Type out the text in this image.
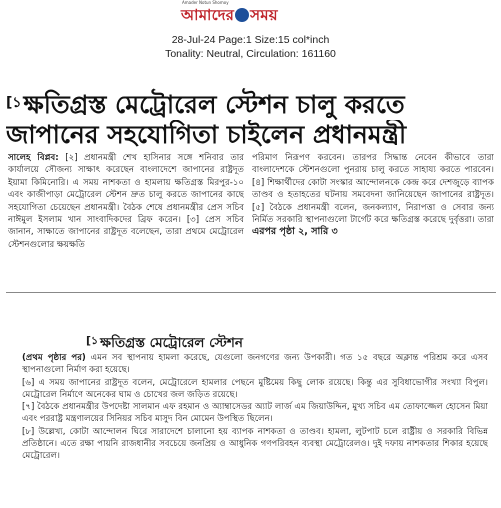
Amader Notun Shomoy
আমাদের সময়
28-Jul-24 Page:1 Size:15 col*inch
Tonality: Neutral, Circulation: 161160
$^{[১}$ক্ষতিগ্রস্ত মেট্রোরেল স্টেশন চালু করতে
জাপানের সহযোগিতা চাইলেন প্রধানমন্ত্রী

সালেহ বিপ্লব: [২] প্রধানমন্ত্রী শেখ হাসিনার সঙ্গে শনিবার তার কার্যালয়ে সৌজন্য সাক্ষাৎ করেছেন বাংলাদেশে জাপানের রাষ্ট্রদূত ইয়ামা কিমিনোরি। এ সময় নাশকতা ও হামলায় ক্ষতিগ্রস্ত মিরপুর-১০ এবং কাজীপাড়া মেট্রোরেল স্টেশন দ্রুত চালু করতে জাপানের কাছে সহযোগিতা চেয়েছেন প্রধানমন্ত্রী। বৈঠক শেষে প্রধানমন্ত্রীর প্রেস সচিব নাঈমুল ইসলাম খান সাংবাদিকদের ব্রিফ করেন। [৩] প্রেস সচিব জানান, সাক্ষাতে জাপানের রাষ্ট্রদূত বলেছেন, তারা প্রথমে মেট্রোরেল স্টেশনগুলোর ক্ষয়ক্ষতি

পরিমাণ নিরূপণ করবেন। তারপর সিদ্ধান্ত নেবেন কীভাবে তারা বাংলাদেশকে স্টেশনগুলো পুনরায় চালু করতে সাহায্য করতে পারবেন। [৪] শিক্ষার্থীদের কোটা সংস্কার আন্দোলনকে কেন্দ্র করে দেশজুড়ে ব্যাপক তাণ্ডব ও হতাহতের ঘটনায় সমবেদনা জানিয়েছেন জাপানের রাষ্ট্রদূত। [৫] বৈঠকে প্রধানমন্ত্রী বলেন, জনকল্যাণ, নিরাপত্তা ও সেবার জন্য নির্মিত সরকারি স্থাপনাগুলো টার্গেট করে ক্ষতিগ্রস্ত করেছে দুর্বৃত্তরা। তারা এরপর পৃষ্ঠা ২, সারি ৩

$^{[১}$ ক্ষতিগ্রস্ত মেট্রোরেল স্টেশন

(প্রথম পৃষ্ঠার পর) এমন সব স্থাপনায় হামলা করেছে, যেগুলো জনগণের জন্য উপকারী। গত ১৫ বছরে অক্লান্ত পরিশ্রম করে এসব স্থাপনাগুলো নির্মাণ করা হয়েছে।

[৬] এ সময় জাপানের রাষ্ট্রদূত বলেন, মেট্রোরেলে হামলার পেছনে মুষ্টিমেয় কিছু লোক রয়েছে। কিন্তু এর সুবিধাভোগীর সংখ্যা বিপুল। মেট্রোরেল নির্মাণে অনেকের ঘাম ও চোখের জল জড়িত রয়েছে।

[৭] বৈঠকে প্রধানমন্ত্রীর উপদেষ্টা সালমান এফ রহমান ও অ্যাম্বাসেডর অ্যাট লার্জ এম জিয়াউদ্দিন, মুখ্য সচিব এম তোফাজ্জেল হোসেন মিয়া এবং পররাষ্ট্র মন্ত্রণালয়ের সিনিয়র সচিব মাসুদ বিন মোমেন উপস্থিত ছিলেন।

[৮] উল্লেখ্য, কোটা আন্দোলন ঘিরে সারাদেশে চালানো হয় ব্যাপক নাশকতা ও তাণ্ডব। হামলা, লুটপাট চলে রাষ্ট্রীয় ও সরকারি বিভিন্ন প্রতিষ্ঠানে। এতে রক্ষা পায়নি রাজধানীর সবচেয়ে জনপ্রিয় ও আধুনিক গণপরিবহন ব্যবস্থা মেট্রোরেলও। দুই দফায় নাশকতার শিকার হয়েছে মেট্রোরেল।
